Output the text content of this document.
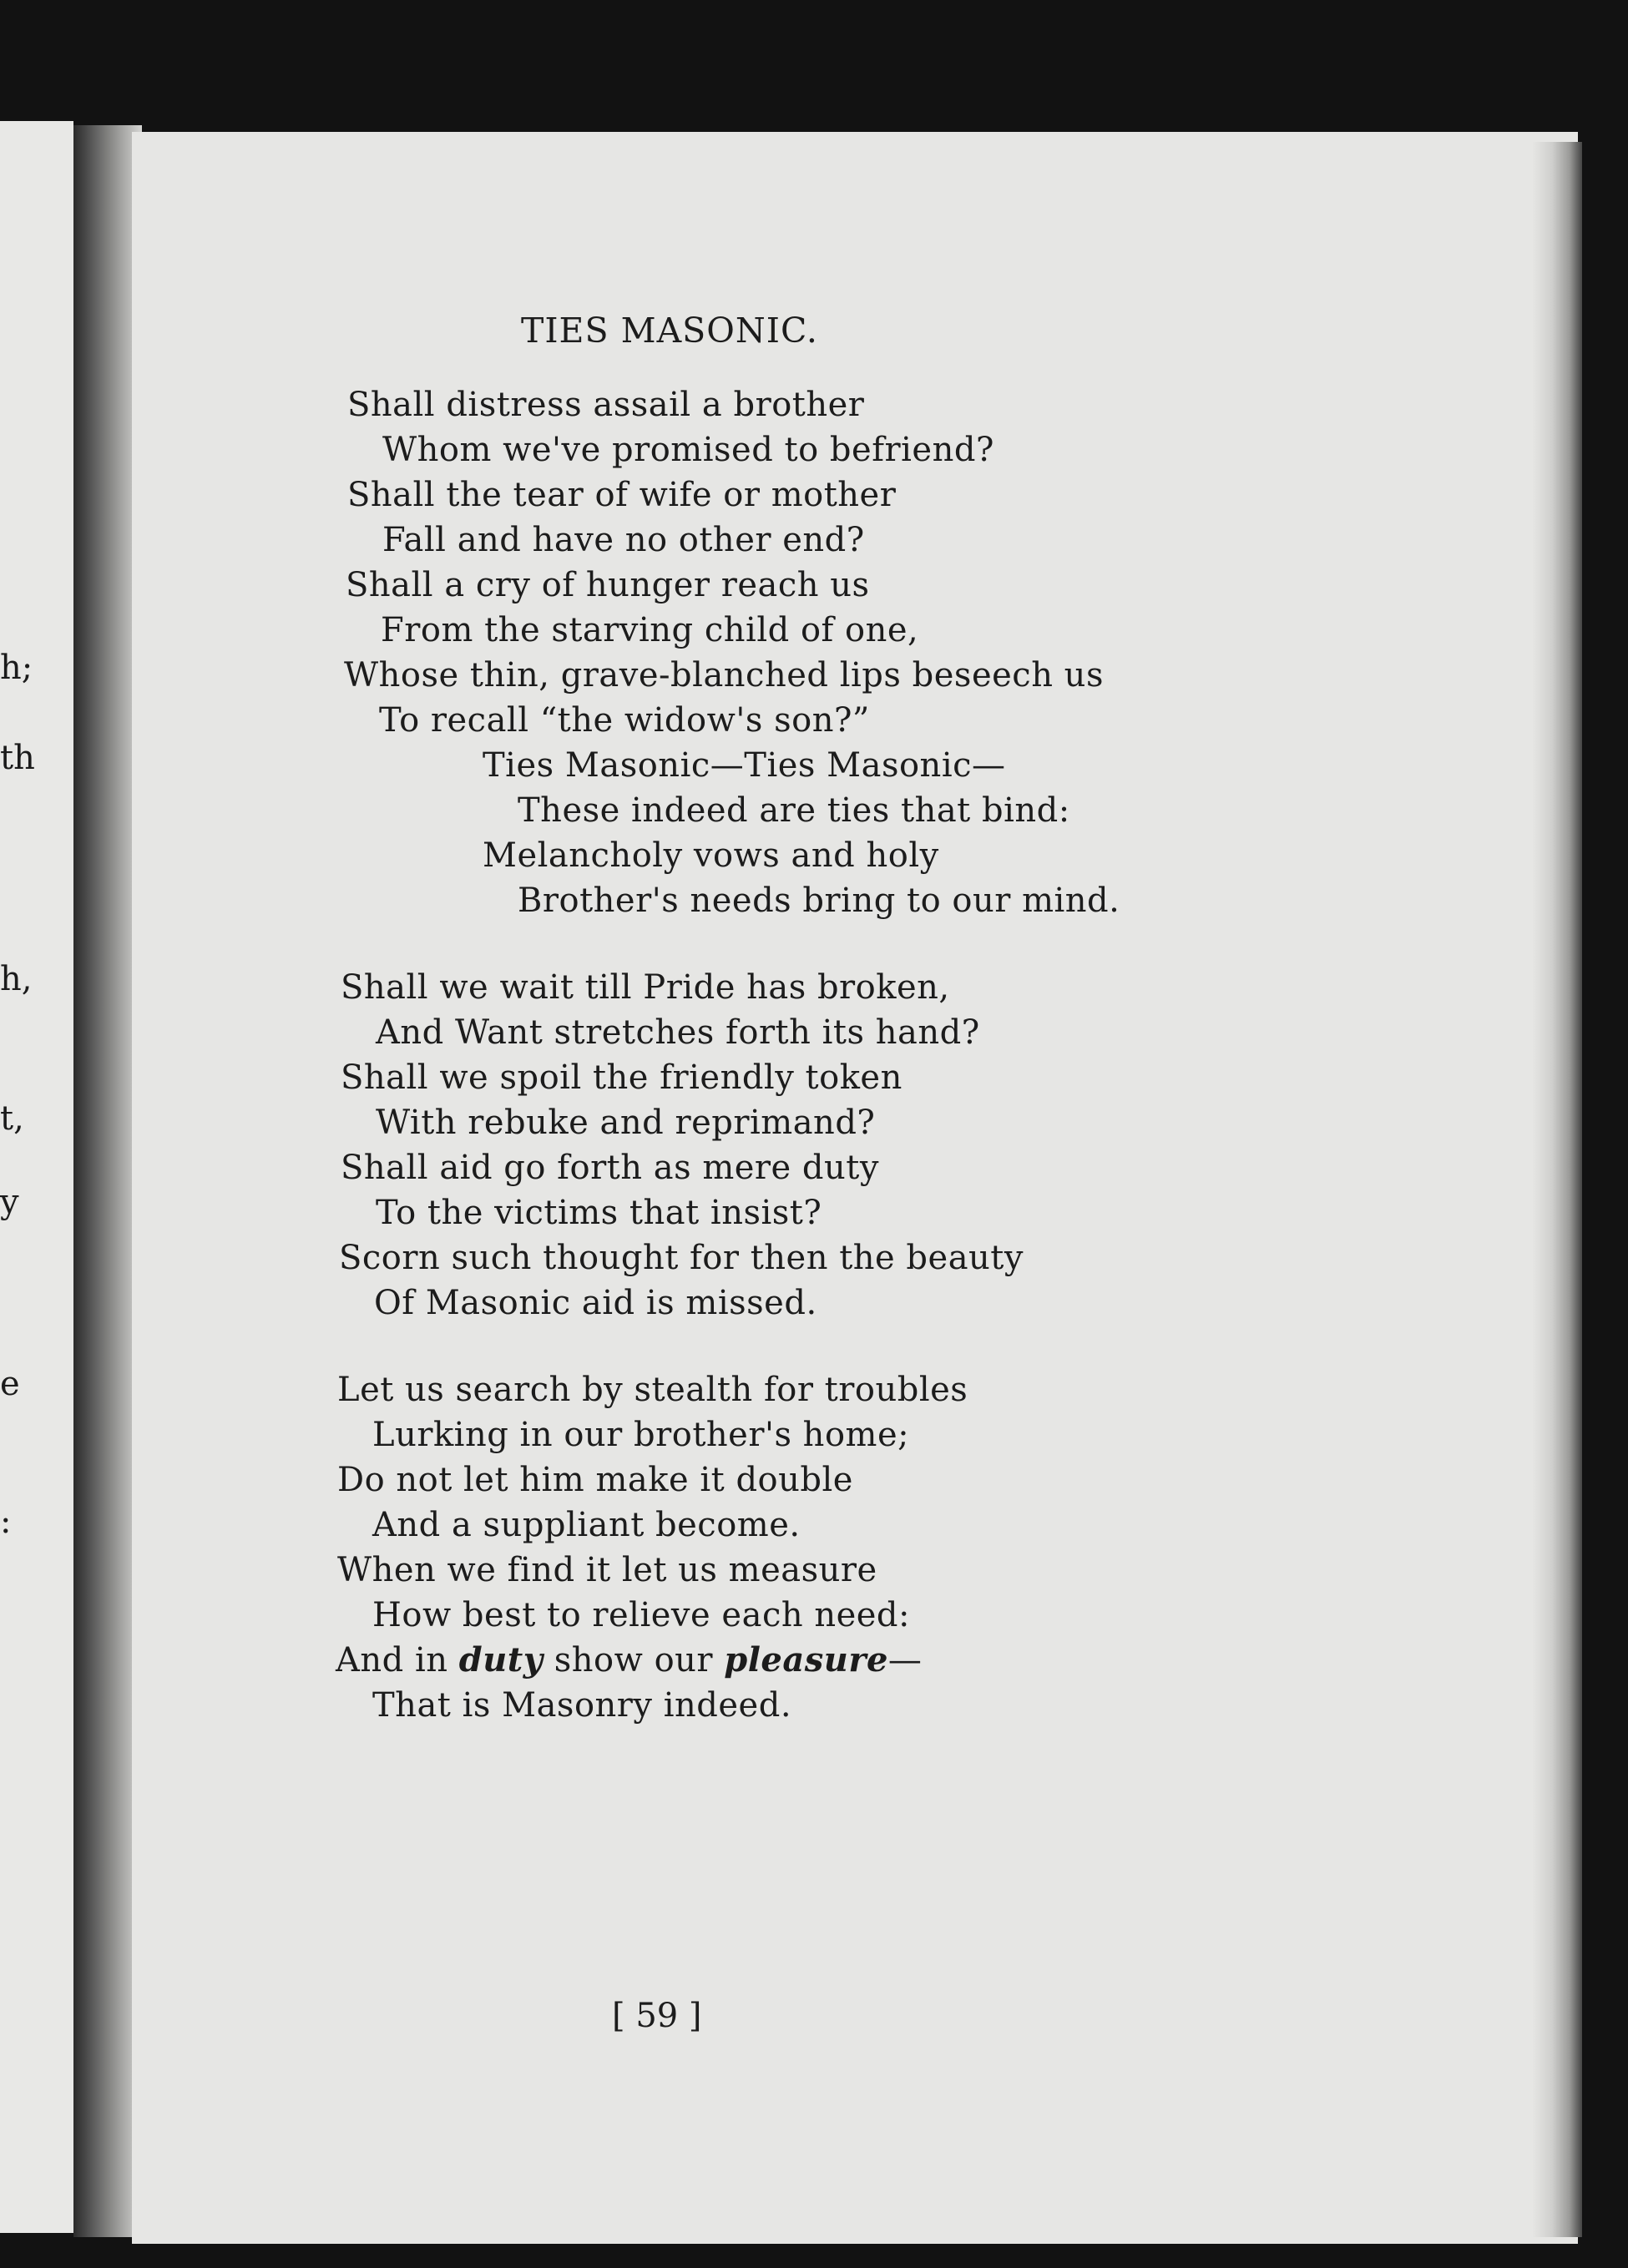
h;
th
h,
t,
y
e
:
TIES MASONIC.
Shall distress assail a brother
Whom we've promised to befriend?
Shall the tear of wife or mother
Fall and have no other end?
Shall a cry of hunger reach us
From the starving child of one,
Whose thin, grave-blanched lips beseech us
To recall “the widow's son?”
Ties Masonic—Ties Masonic—
These indeed are ties that bind:
Melancholy vows and holy
Brother's needs bring to our mind.
Shall we wait till Pride has broken,
And Want stretches forth its hand?
Shall we spoil the friendly token
With rebuke and reprimand?
Shall aid go forth as mere duty
To the victims that insist?
Scorn such thought for then the beauty
Of Masonic aid is missed.
Let us search by stealth for troubles
Lurking in our brother's home;
Do not let him make it double
And a suppliant become.
When we find it let us measure
How best to relieve each need:
And in duty show our pleasure—
That is Masonry indeed.
[ 59 ]
